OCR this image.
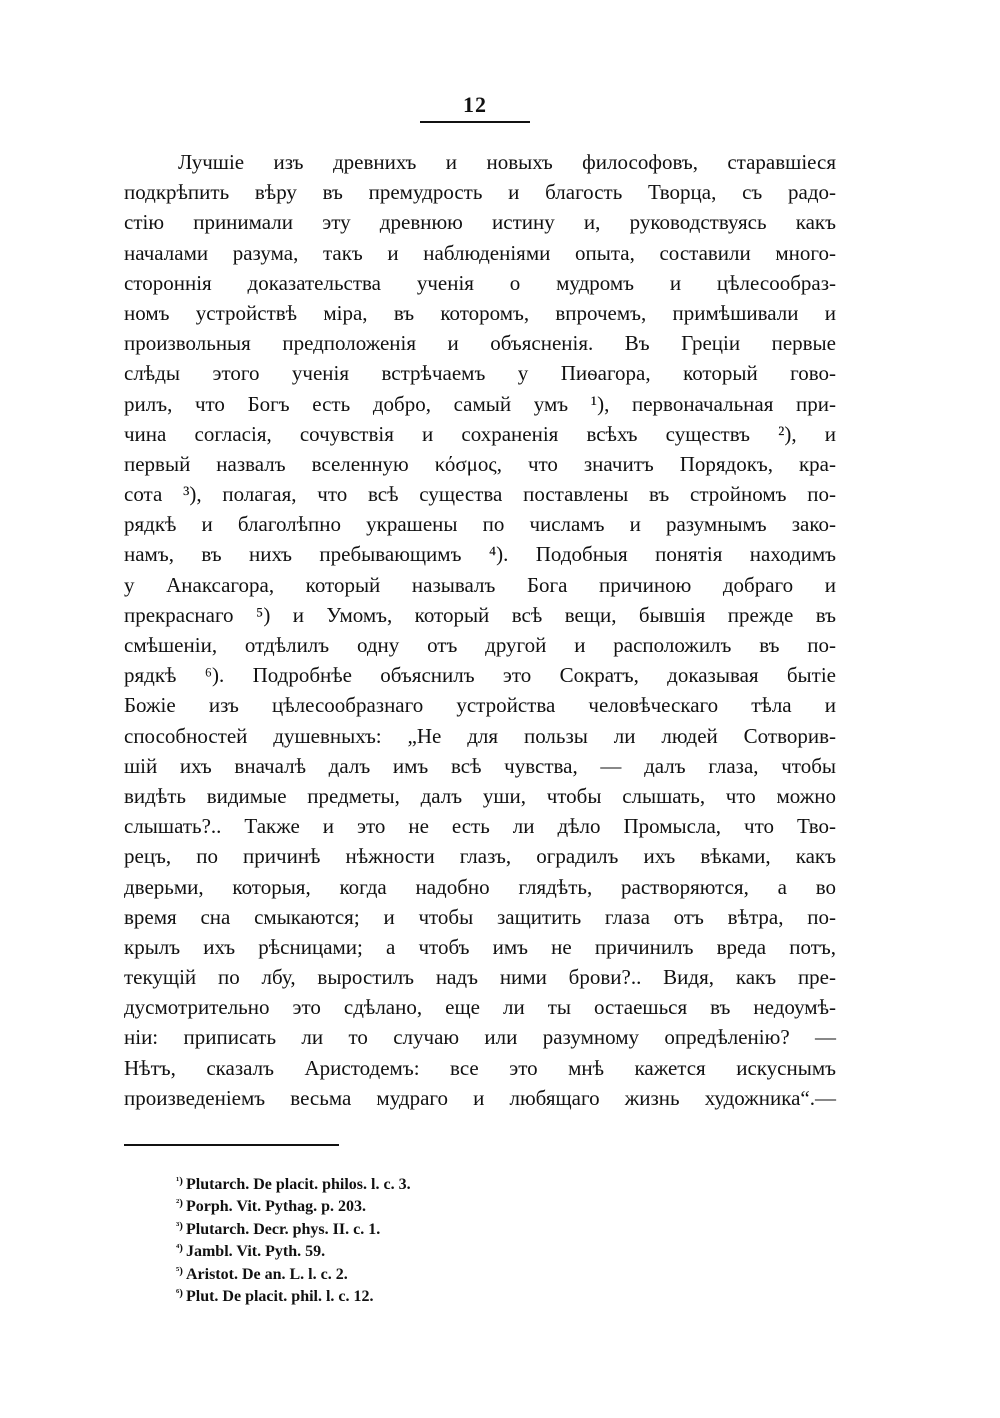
12
Лучшіе изъ древнихъ и новыхъ философовъ, старавшіеся
подкрѣпить вѣру въ премудрость и благость Творца, съ радо-
стію принимали эту древнюю истину и, руководствуясь какъ
началами разума, такъ и наблюденіями опыта, составили много-
стороннія доказательства ученія о мудромъ и цѣлесообраз-
номъ устройствѣ міра, въ которомъ, впрочемъ, примѣшивали и
произвольныя предположенія и объясненія. Въ Греціи первые
слѣды этого ученія встрѣчаемъ у Пиѳагора, который гово-
рилъ, что Богъ есть добро, самый умъ ¹), первоначальная при-
чина согласія, сочувствія и сохраненія всѣхъ существъ ²), и
первый назвалъ вселенную κόσμος, что значитъ Порядокъ, кра-
сота ³), полагая, что всѣ существа поставлены въ стройномъ по-
рядкѣ и благолѣпно украшены по числамъ и разумнымъ зако-
намъ, въ нихъ пребывающимъ ⁴). Подобныя понятія находимъ
у Анаксагора, который называлъ Бога причиною добраго и
прекраснаго ⁵) и Умомъ, который всѣ вещи, бывшія прежде въ
смѣшеніи, отдѣлилъ одну отъ другой и расположилъ въ по-
рядкѣ ⁶). Подробнѣе объяснилъ это Сократъ, доказывая бытіе
Божіе изъ цѣлесообразнаго устройства человѣческаго тѣла и
способностей душевныхъ: „Не для пользы ли людей Сотворив-
шій ихъ вначалѣ далъ имъ всѣ чувства, — далъ глаза, чтобы
видѣть видимые предметы, далъ уши, чтобы слышать, что можно
слышать?.. Также и это не есть ли дѣло Промысла, что Тво-
рецъ, по причинѣ нѣжности глазъ, оградилъ ихъ вѣками, какъ
дверьми, которыя, когда надобно глядѣть, растворяются, а во
время сна смыкаются; и чтобы защитить глаза отъ вѣтра, по-
крылъ ихъ рѣсницами; а чтобъ имъ не причинилъ вреда потъ,
текущій по лбу, выростилъ надъ ними брови?.. Видя, какъ пре-
дусмотрительно это сдѣлано, еще ли ты остаешься въ недоумѣ-
ніи: приписать ли то случаю или разумному опредѣленію? —
Нѣтъ, сказалъ Аристодемъ: все это мнѣ кажется искуснымъ
произведеніемъ весьма мудраго и любящаго жизнь художника“.—
$^{^1)}$ Plutarch. De placit. philos. l. c. 3.
$^{^2)}$ Porph. Vit. Pythag. p. 203.
$^{^3)}$ Plutarch. Decr. phys. II. c. 1.
$^{^4)}$ Jambl. Vit. Pyth. 59.
$^{^5)}$ Aristot. De an. L. l. c. 2.
$^{^6)}$ Plut. De placit. phil. l. c. 12.
